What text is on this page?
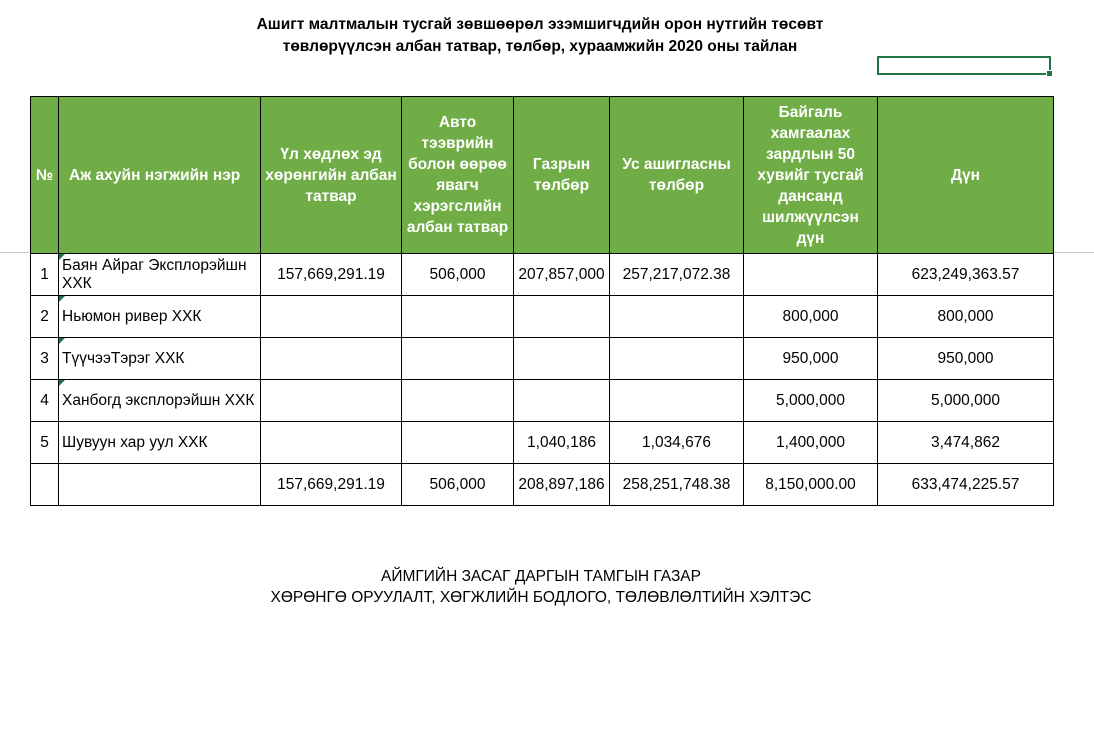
Ашигт малтмалын тусгай зөвшөөрөл эзэмшигчдийн орон нутгийн төсөвт
төвлөрүүлсэн албан татвар, төлбөр, хураамжийн 2020 оны тайлан
№	Аж ахуйн нэгжийн нэр	Үл хөдлөх эд хөрөнгийн албан татвар	Авто тээврийн болон өөрөө явагч хэрэгслийн албан татвар	Газрын төлбөр	Ус ашигласны төлбөр	Байгаль хамгаалах зардлын 50 хувийг тусгай дансанд шилжүүлсэн дүн	Дүн
1	Баян Айраг Эксплорэйшн ХХК	157,669,291.19	506,000	207,857,000	257,217,072.38		623,249,363.57
2	Ньюмон ривер ХХК					800,000	800,000
3	ТүүчээТэрэг ХХК					950,000	950,000
4	Ханбогд эксплорэйшн ХХК					5,000,000	5,000,000
5	Шувуун хар уул ХХК			1,040,186	1,034,676	1,400,000	3,474,862
		157,669,291.19	506,000	208,897,186	258,251,748.38	8,150,000.00	633,474,225.57
АЙМГИЙН ЗАСАГ ДАРГЫН ТАМГЫН ГАЗАР
ХӨРӨНГӨ ОРУУЛАЛТ, ХӨГЖЛИЙН БОДЛОГО, ТӨЛӨВЛӨЛТИЙН ХЭЛТЭС
